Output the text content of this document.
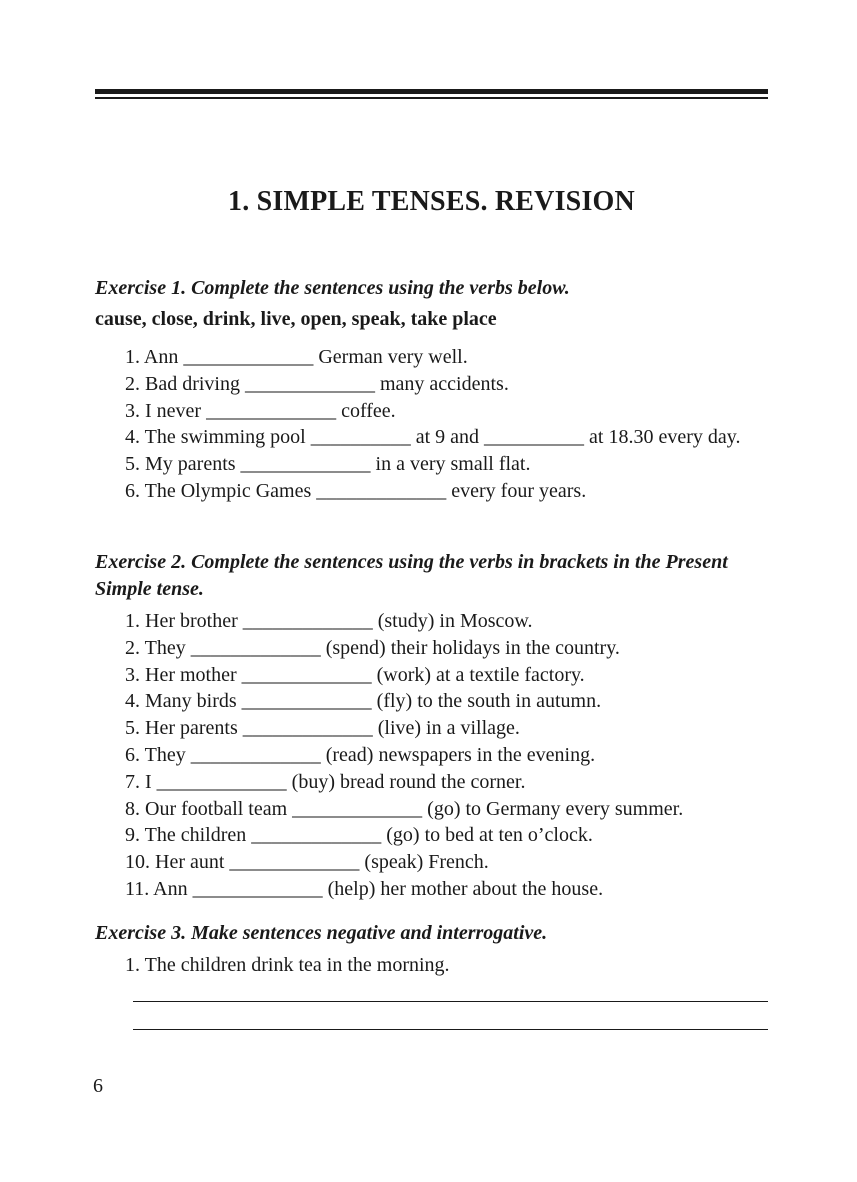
1. SIMPLE TENSES. REVISION
Exercise 1. Complete the sentences using the verbs below.
cause, close, drink, live, open, speak, take place
1. Ann _____________ German very well.
2. Bad driving _____________ many accidents.
3. I never _____________ coffee.
4. The swimming pool __________ at 9 and __________ at 18.30 every day.
5. My parents _____________ in a very small flat.
6. The Olympic Games _____________ every four years.
Exercise 2. Complete the sentences using the verbs in brackets in the Present Simple tense.
1. Her brother _____________ (study) in Moscow.
2. They _____________ (spend) their holidays in the country.
3. Her mother _____________ (work) at a textile factory.
4. Many birds _____________ (fly) to the south in autumn.
5. Her parents _____________ (live) in a village.
6. They _____________ (read) newspapers in the evening.
7. I _____________ (buy) bread round the corner.
8. Our football team _____________ (go) to Germany every summer.
9. The children _____________ (go) to bed at ten o’clock.
10. Her aunt _____________ (speak) French.
11. Ann _____________ (help) her mother about the house.
Exercise 3. Make sentences negative and interrogative.
1. The children drink tea in the morning.
6
